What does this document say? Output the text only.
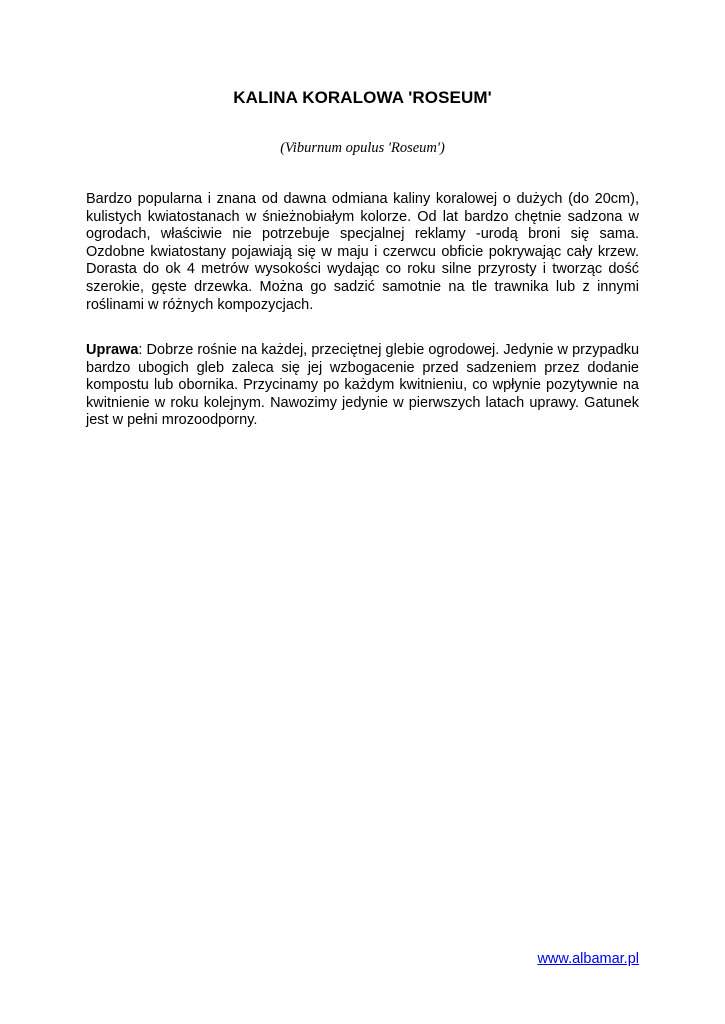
KALINA KORALOWA 'ROSEUM'

(Viburnum opulus 'Roseum')

Bardzo popularna i znana od dawna odmiana kaliny koralowej o dużych (do 20cm), kulistych kwiatostanach w śnieżnobiałym kolorze. Od lat bardzo chętnie sadzona w ogrodach, właściwie nie potrzebuje specjalnej reklamy -urodą broni się sama. Ozdobne kwiatostany pojawiają się w maju i czerwcu obficie pokrywając cały krzew. Dorasta do ok 4 metrów wysokości wydając co roku silne przyrosty i tworząc dość szerokie, gęste drzewka. Można go sadzić samotnie na tle trawnika lub z innymi roślinami w różnych kompozycjach.

Uprawa: Dobrze rośnie na każdej, przeciętnej glebie ogrodowej. Jedynie w przypadku bardzo ubogich gleb zaleca się jej wzbogacenie przed sadzeniem przez dodanie kompostu lub obornika. Przycinamy po każdym kwitnieniu, co wpłynie pozytywnie na kwitnienie w roku kolejnym. Nawozimy jedynie w pierwszych latach uprawy. Gatunek jest w pełni mrozoodporny.

www.albamar.pl
